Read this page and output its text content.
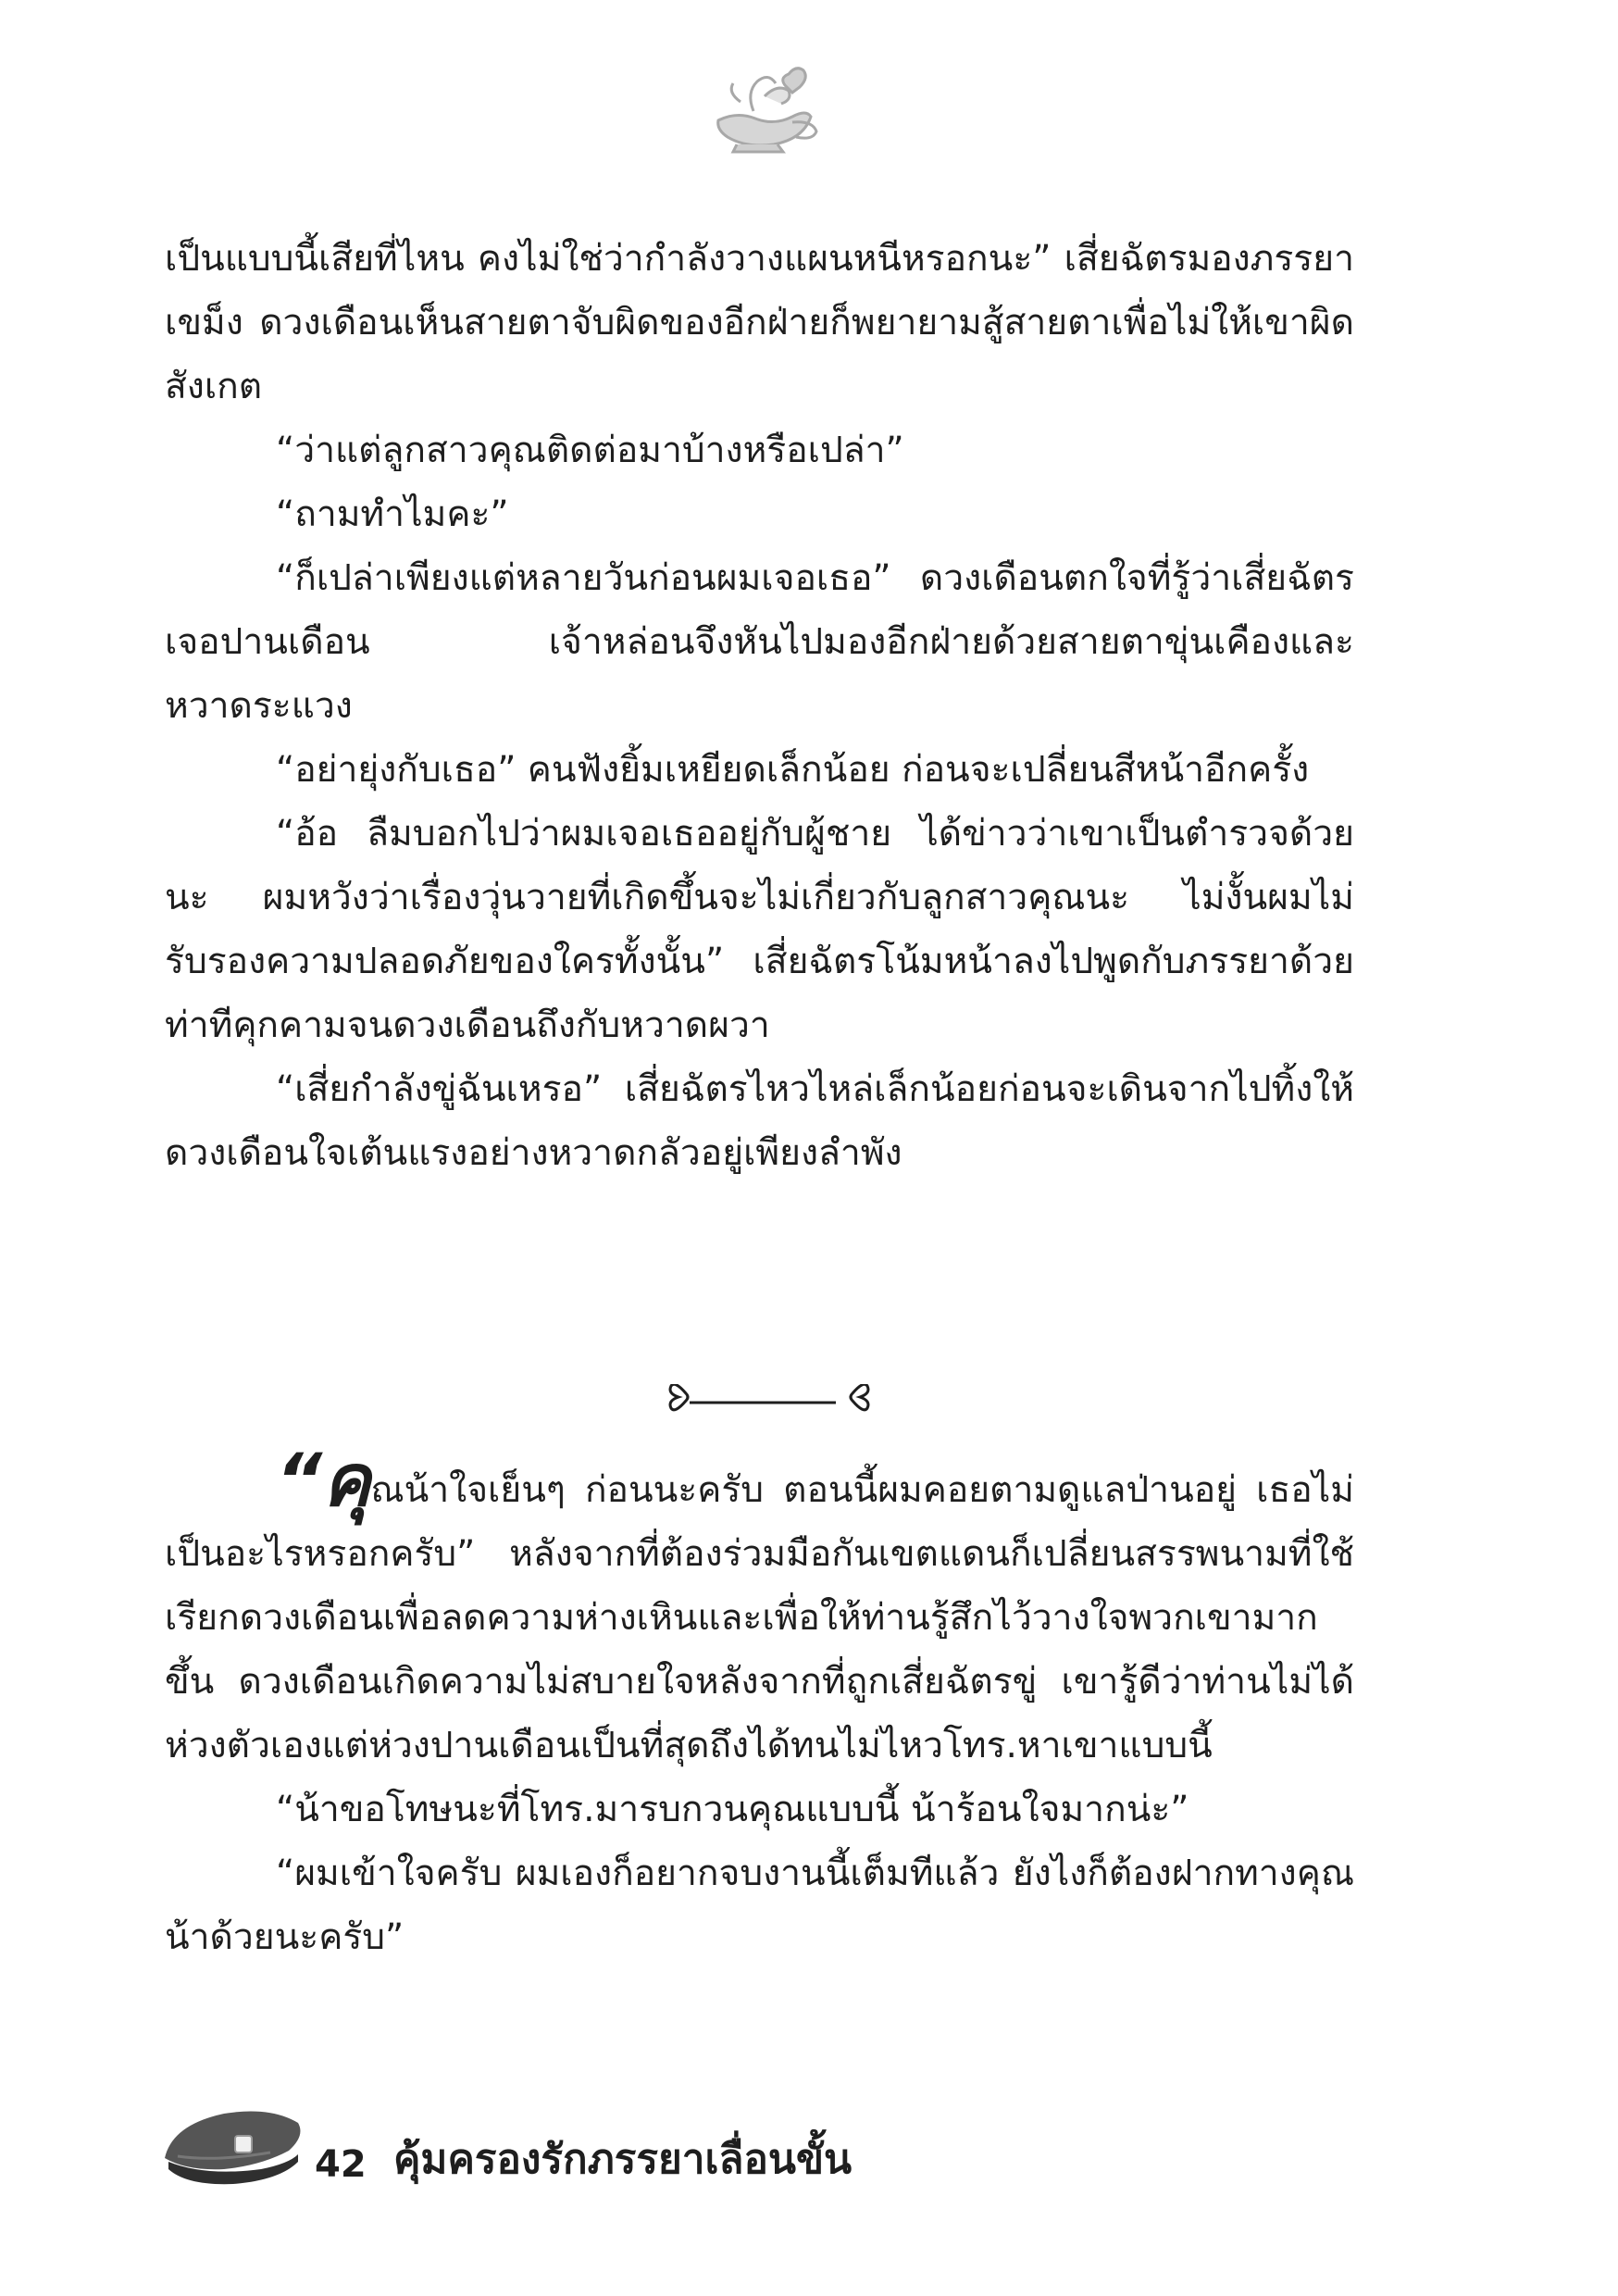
เป็นแบบนี้เสียที่ไหน คงไม่ใช่ว่ากำลังวางแผนหนีหรอกนะ” เสี่ยฉัตรมองภรรยาเขม็ง ดวงเดือนเห็นสายตาจับผิดของอีกฝ่ายก็พยายามสู้สายตาเพื่อไม่ให้เขาผิดสังเกต

“ว่าแต่ลูกสาวคุณติดต่อมาบ้างหรือเปล่า”

“ถามทำไมคะ”

“ก็เปล่าเพียงแต่หลายวันก่อนผมเจอเธอ” ดวงเดือนตกใจที่รู้ว่าเสี่ยฉัตรเจอปานเดือน เจ้าหล่อนจึงหันไปมองอีกฝ่ายด้วยสายตาขุ่นเคืองและหวาดระแวง

“อย่ายุ่งกับเธอ” คนฟังยิ้มเหยียดเล็กน้อย ก่อนจะเปลี่ยนสีหน้าอีกครั้ง

“อ้อ ลืมบอกไปว่าผมเจอเธออยู่กับผู้ชาย ได้ข่าวว่าเขาเป็นตำรวจด้วยนะ ผมหวังว่าเรื่องวุ่นวายที่เกิดขึ้นจะไม่เกี่ยวกับลูกสาวคุณนะ ไม่งั้นผมไม่รับรองความปลอดภัยของใครทั้งนั้น” เสี่ยฉัตรโน้มหน้าลงไปพูดกับภรรยาด้วยท่าทีคุกคามจนดวงเดือนถึงกับหวาดผวา

“เสี่ยกำลังขู่ฉันเหรอ” เสี่ยฉัตรไหวไหล่เล็กน้อยก่อนจะเดินจากไปทิ้งให้ดวงเดือนใจเต้นแรงอย่างหวาดกลัวอยู่เพียงลำพัง

“คุณน้าใจเย็นๆ ก่อนนะครับ ตอนนี้ผมคอยตามดูแลป่านอยู่ เธอไม่เป็นอะไรหรอกครับ” หลังจากที่ต้องร่วมมือกันเขตแดนก็เปลี่ยนสรรพนามที่ใช้เรียกดวงเดือนเพื่อลดความห่างเหินและเพื่อให้ท่านรู้สึกไว้วางใจพวกเขามากขึ้น ดวงเดือนเกิดความไม่สบายใจหลังจากที่ถูกเสี่ยฉัตรขู่ เขารู้ดีว่าท่านไม่ได้ห่วงตัวเองแต่ห่วงปานเดือนเป็นที่สุดถึงได้ทนไม่ไหวโทร.หาเขาแบบนี้

“น้าขอโทษนะที่โทร.มารบกวนคุณแบบนี้ น้าร้อนใจมากน่ะ”

“ผมเข้าใจครับ ผมเองก็อยากจบงานนี้เต็มทีแล้ว ยังไงก็ต้องฝากทางคุณน้าด้วยนะครับ”

42 คุ้มครองรักภรรยาเลื่อนขั้น
